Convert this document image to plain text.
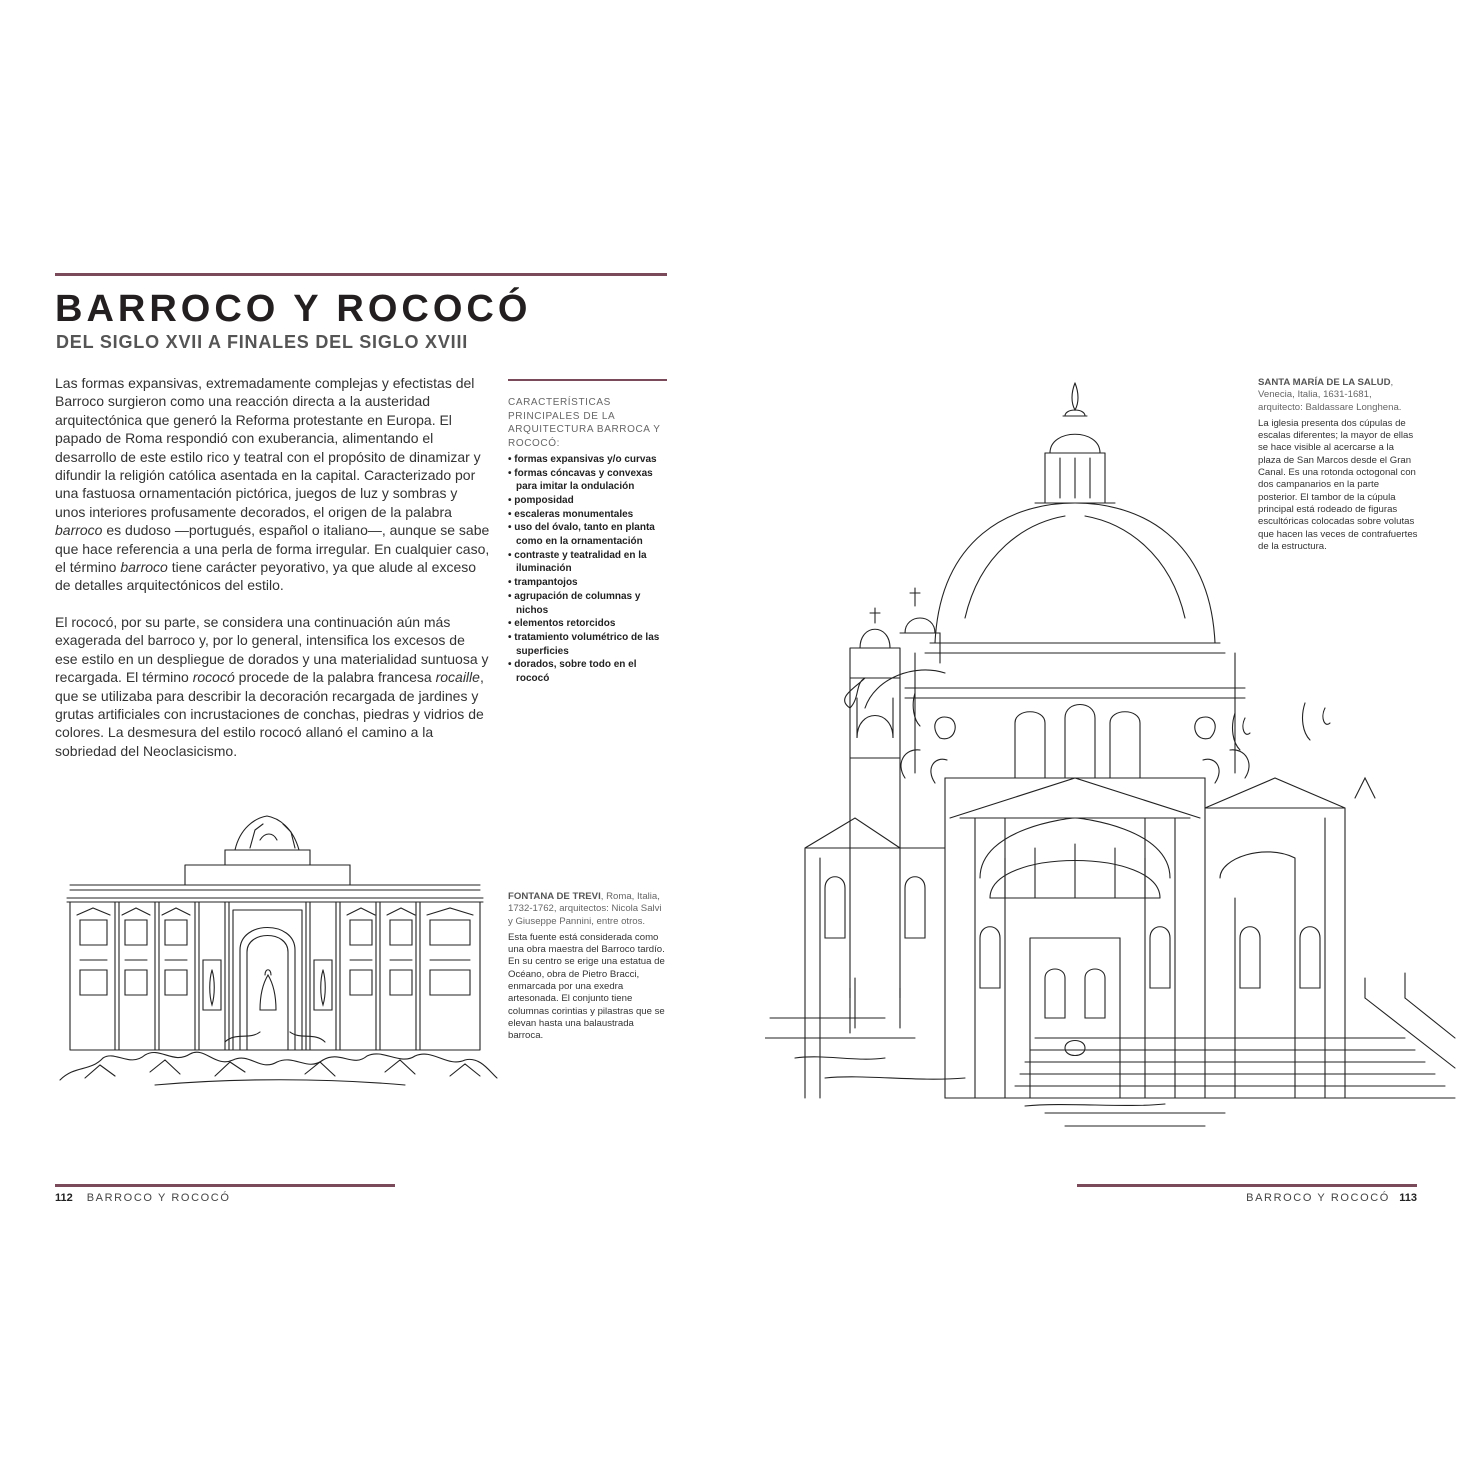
BARROCO Y ROCOCÓ
DEL SIGLO XVII A FINALES DEL SIGLO XVIII

Las formas expansivas, extremadamente complejas y efectistas del Barroco surgieron como una reacción directa a la austeridad arquitectónica que generó la Reforma protestante en Europa. El papado de Roma respondió con exuberancia, alimentando el desarrollo de este estilo rico y teatral con el propósito de dinamizar y difundir la religión católica asentada en la capital. Caracterizado por una fastuosa ornamentación pictórica, juegos de luz y sombras y unos interiores profusamente decorados, el origen de la palabra barroco es dudoso —portugués, español o italiano—, aunque se sabe que hace referencia a una perla de forma irregular. En cualquier caso, el término barroco tiene carácter peyorativo, ya que alude al exceso de detalles arquitectónicos del estilo.

El rococó, por su parte, se considera una continuación aún más exagerada del barroco y, por lo general, intensifica los excesos de ese estilo en un despliegue de dorados y una materialidad suntuosa y recargada. El término rococó procede de la palabra francesa rocaille, que se utilizaba para describir la decoración recargada de jardines y grutas artificiales con incrustaciones de conchas, piedras y vidrios de colores. La desmesura del estilo rococó allanó el camino a la sobriedad del Neoclasicismo.

CARACTERÍSTICAS PRINCIPALES DE LA ARQUITECTURA BARROCA Y ROCOCÓ:
• formas expansivas y/o curvas
• formas cóncavas y convexas para imitar la ondulación
• pomposidad
• escaleras monumentales
• uso del óvalo, tanto en planta como en la ornamentación
• contraste y teatralidad en la iluminación
• trampantojos
• agrupación de columnas y nichos
• elementos retorcidos
• tratamiento volumétrico de las superficies
• dorados, sobre todo en el rococó
FONTANA DE TREVI, Roma, Italia, 1732-1762, arquitectos: Nicola Salvi y Giuseppe Pannini, entre otros.
Esta fuente está considerada como una obra maestra del Barroco tardío. En su centro se erige una estatua de Océano, obra de Pietro Bracci, enmarcada por una exedra artesonada. El conjunto tiene columnas corintias y pilastras que se elevan hasta una balaustrada barroca.
SANTA MARÍA DE LA SALUD, Venecia, Italia, 1631-1681, arquitecto: Baldassare Longhena.
La iglesia presenta dos cúpulas de escalas diferentes; la mayor de ellas se hace visible al acercarse a la plaza de San Marcos desde el Gran Canal. Es una rotonda octogonal con dos campanarios en la parte posterior. El tambor de la cúpula principal está rodeado de figuras escultóricas colocadas sobre volutas que hacen las veces de contrafuertes de la estructura.
112 BARROCO Y ROCOCÓ	BARROCO Y ROCOCÓ 113
